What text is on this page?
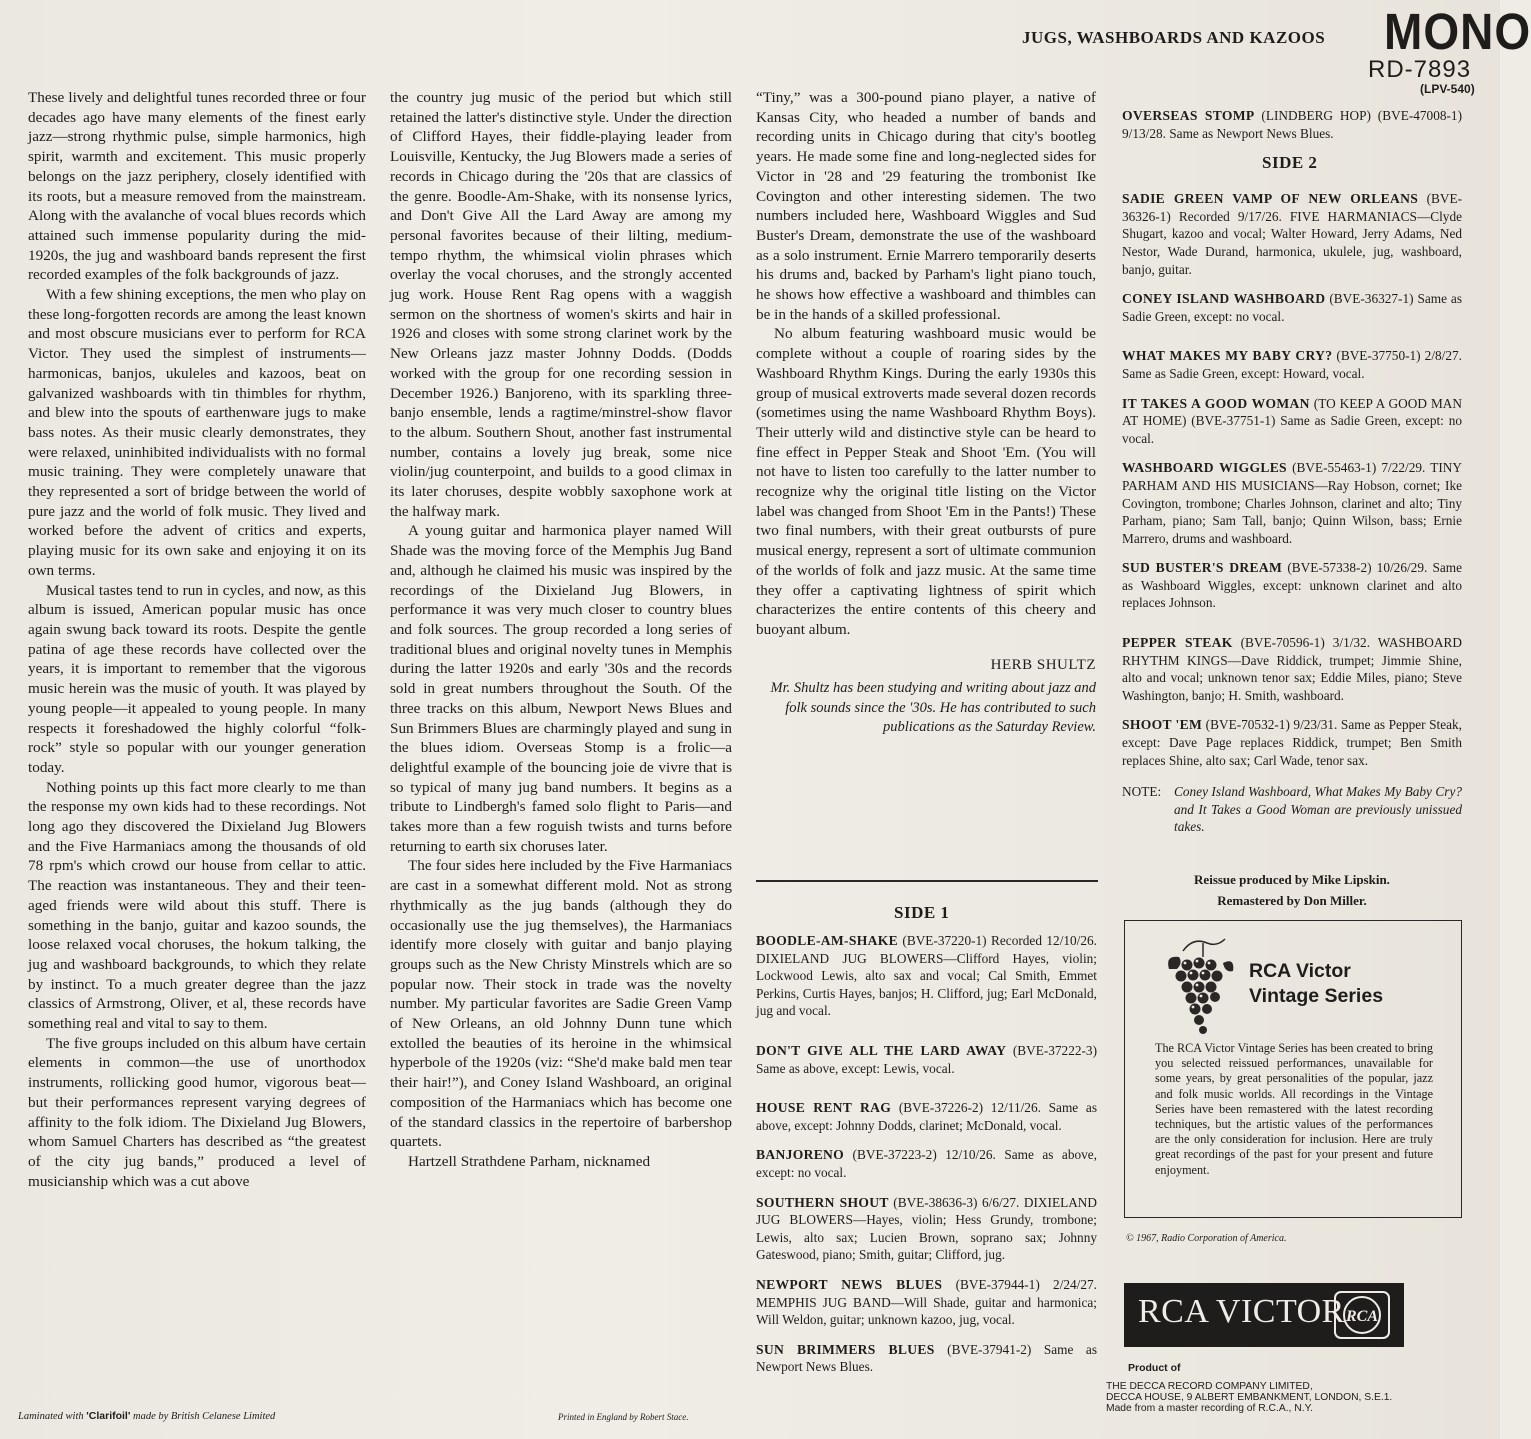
JUGS, WASHBOARDS AND KAZOOS MONO
RD-7893
(LPV-540)

These lively and delightful tunes recorded three or four decades ago have many elements of the finest early jazz—strong rhythmic pulse, simple harmonics, high spirit, warmth and excitement. This music properly belongs on the jazz periphery, closely identified with its roots, but a measure removed from the mainstream. Along with the avalanche of vocal blues records which attained such immense popularity during the mid-1920s, the jug and washboard bands represent the first recorded examples of the folk backgrounds of jazz.

With a few shining exceptions, the men who play on these long-forgotten records are among the least known and most obscure musicians ever to perform for RCA Victor. They used the simplest of instruments—harmonicas, banjos, ukuleles and kazoos, beat on galvanized washboards with tin thimbles for rhythm, and blew into the spouts of earthenware jugs to make bass notes. As their music clearly demonstrates, they were relaxed, uninhibited individualists with no formal music training. They were completely unaware that they represented a sort of bridge between the world of pure jazz and the world of folk music. They lived and worked before the advent of critics and experts, playing music for its own sake and enjoying it on its own terms.

Musical tastes tend to run in cycles, and now, as this album is issued, American popular music has once again swung back toward its roots. Despite the gentle patina of age these records have collected over the years, it is important to remember that the vigorous music herein was the music of youth. It was played by young people—it appealed to young people. In many respects it foreshadowed the highly colorful “folk-rock” style so popular with our younger generation today.

Nothing points up this fact more clearly to me than the response my own kids had to these recordings. Not long ago they discovered the Dixieland Jug Blowers and the Five Harmaniacs among the thousands of old 78 rpm's which crowd our house from cellar to attic. The reaction was instantaneous. They and their teen-aged friends were wild about this stuff. There is something in the banjo, guitar and kazoo sounds, the loose relaxed vocal choruses, the hokum talking, the jug and washboard backgrounds, to which they relate by instinct. To a much greater degree than the jazz classics of Armstrong, Oliver, et al, these records have something real and vital to say to them.

The five groups included on this album have certain elements in common—the use of unorthodox instruments, rollicking good humor, vigorous beat—but their performances represent varying degrees of affinity to the folk idiom. The Dixieland Jug Blowers, whom Samuel Charters has described as “the greatest of the city jug bands,” produced a level of musicianship which was a cut above

the country jug music of the period but which still retained the latter's distinctive style. Under the direction of Clifford Hayes, their fiddle-playing leader from Louisville, Kentucky, the Jug Blowers made a series of records in Chicago during the '20s that are classics of the genre. Boodle-Am-Shake, with its nonsense lyrics, and Don't Give All the Lard Away are among my personal favorites because of their lilting, medium-tempo rhythm, the whimsical violin phrases which overlay the vocal choruses, and the strongly accented jug work. House Rent Rag opens with a waggish sermon on the shortness of women's skirts and hair in 1926 and closes with some strong clarinet work by the New Orleans jazz master Johnny Dodds. (Dodds worked with the group for one recording session in December 1926.) Banjoreno, with its sparkling three-banjo ensemble, lends a ragtime/minstrel-show flavor to the album. Southern Shout, another fast instrumental number, contains a lovely jug break, some nice violin/jug counterpoint, and builds to a good climax in its later choruses, despite wobbly saxophone work at the halfway mark.

A young guitar and harmonica player named Will Shade was the moving force of the Memphis Jug Band and, although he claimed his music was inspired by the recordings of the Dixieland Jug Blowers, in performance it was very much closer to country blues and folk sources. The group recorded a long series of traditional blues and original novelty tunes in Memphis during the latter 1920s and early '30s and the records sold in great numbers throughout the South. Of the three tracks on this album, Newport News Blues and Sun Brimmers Blues are charmingly played and sung in the blues idiom. Overseas Stomp is a frolic—a delightful example of the bouncing joie de vivre that is so typical of many jug band numbers. It begins as a tribute to Lindbergh's famed solo flight to Paris—and takes more than a few roguish twists and turns before returning to earth six choruses later.

The four sides here included by the Five Harmaniacs are cast in a somewhat different mold. Not as strong rhythmically as the jug bands (although they do occasionally use the jug themselves), the Harmaniacs identify more closely with guitar and banjo playing groups such as the New Christy Minstrels which are so popular now. Their stock in trade was the novelty number. My particular favorites are Sadie Green Vamp of New Orleans, an old Johnny Dunn tune which extolled the beauties of its heroine in the whimsical hyperbole of the 1920s (viz: “She'd make bald men tear their hair!”), and Coney Island Washboard, an original composition of the Harmaniacs which has become one of the standard classics in the repertoire of barbershop quartets.

Hartzell Strathdene Parham, nicknamed

“Tiny,” was a 300-pound piano player, a native of Kansas City, who headed a number of bands and recording units in Chicago during that city's bootleg years. He made some fine and long-neglected sides for Victor in '28 and '29 featuring the trombonist Ike Covington and other interesting sidemen. The two numbers included here, Washboard Wiggles and Sud Buster's Dream, demonstrate the use of the washboard as a solo instrument. Ernie Marrero temporarily deserts his drums and, backed by Parham's light piano touch, he shows how effective a washboard and thimbles can be in the hands of a skilled professional.

No album featuring washboard music would be complete without a couple of roaring sides by the Washboard Rhythm Kings. During the early 1930s this group of musical extroverts made several dozen records (sometimes using the name Washboard Rhythm Boys). Their utterly wild and distinctive style can be heard to fine effect in Pepper Steak and Shoot 'Em. (You will not have to listen too carefully to the latter number to recognize why the original title listing on the Victor label was changed from Shoot 'Em in the Pants!) These two final numbers, with their great outbursts of pure musical energy, represent a sort of ultimate communion of the worlds of folk and jazz music. At the same time they offer a captivating lightness of spirit which characterizes the entire contents of this cheery and buoyant album.

HERB SHULTZ
Mr. Shultz has been studying and writing about jazz and folk sounds since the '30s. He has contributed to such publications as the Saturday Review.
SIDE 1
BOODLE-AM-SHAKE (BVE-37220-1) Recorded 12/10/26. DIXIELAND JUG BLOWERS—Clifford Hayes, violin; Lockwood Lewis, alto sax and vocal; Cal Smith, Emmet Perkins, Curtis Hayes, banjos; H. Clifford, jug; Earl McDonald, jug and vocal.
DON'T GIVE ALL THE LARD AWAY (BVE-37222-3) Same as above, except: Lewis, vocal.
HOUSE RENT RAG (BVE-37226-2) 12/11/26. Same as above, except: Johnny Dodds, clarinet; McDonald, vocal.
BANJORENO (BVE-37223-2) 12/10/26. Same as above, except: no vocal.
SOUTHERN SHOUT (BVE-38636-3) 6/6/27. DIXIELAND JUG BLOWERS—Hayes, violin; Hess Grundy, trombone; Lewis, alto sax; Lucien Brown, soprano sax; Johnny Gateswood, piano; Smith, guitar; Clifford, jug.
NEWPORT NEWS BLUES (BVE-37944-1) 2/24/27. MEMPHIS JUG BAND—Will Shade, guitar and harmonica; Will Weldon, guitar; unknown kazoo, jug, vocal.
SUN BRIMMERS BLUES (BVE-37941-2) Same as Newport News Blues.
OVERSEAS STOMP (LINDBERG HOP) (BVE-47008-1) 9/13/28. Same as Newport News Blues.
SADIE GREEN VAMP OF NEW ORLEANS (BVE-36326-1) Recorded 9/17/26. FIVE HARMANIACS—Clyde Shugart, kazoo and vocal; Walter Howard, Jerry Adams, Ned Nestor, Wade Durand, harmonica, ukulele, jug, washboard, banjo, guitar.
CONEY ISLAND WASHBOARD (BVE-36327-1) Same as Sadie Green, except: no vocal.
WHAT MAKES MY BABY CRY? (BVE-37750-1) 2/8/27. Same as Sadie Green, except: Howard, vocal.
IT TAKES A GOOD WOMAN (TO KEEP A GOOD MAN AT HOME) (BVE-37751-1) Same as Sadie Green, except: no vocal.
WASHBOARD WIGGLES (BVE-55463-1) 7/22/29. TINY PARHAM AND HIS MUSICIANS—Ray Hobson, cornet; Ike Covington, trombone; Charles Johnson, clarinet and alto; Tiny Parham, piano; Sam Tall, banjo; Quinn Wilson, bass; Ernie Marrero, drums and washboard.
SUD BUSTER'S DREAM (BVE-57338-2) 10/26/29. Same as Washboard Wiggles, except: unknown clarinet and alto replaces Johnson.
PEPPER STEAK (BVE-70596-1) 3/1/32. WASHBOARD RHYTHM KINGS—Dave Riddick, trumpet; Jimmie Shine, alto and vocal; unknown tenor sax; Eddie Miles, piano; Steve Washington, banjo; H. Smith, washboard.
SHOOT 'EM (BVE-70532-1) 9/23/31. Same as Pepper Steak, except: Dave Page replaces Riddick, trumpet; Ben Smith replaces Shine, alto sax; Carl Wade, tenor sax.
NOTE: Coney Island Washboard, What Makes My Baby Cry? and It Takes a Good Woman are previously unissued takes.
SIDE 2
Reissue produced by Mike Lipskin.
Remastered by Don Miller.
RCA Victor
Vintage Series
The RCA Victor Vintage Series has been created to bring you selected reissued performances, unavailable for some years, by great personalities of the popular, jazz and folk music worlds. All recordings in the Vintage Series have been remastered with the latest recording techniques, but the artistic values of the performances are the only consideration for inclusion. Here are truly great recordings of the past for your present and future enjoyment.
© 1967, Radio Corporation of America.
RCA VICTOR RCA
Product of
THE DECCA RECORD COMPANY LIMITED,
DECCA HOUSE, 9 ALBERT EMBANKMENT, LONDON, S.E.1.
Made from a master recording of R.C.A., N.Y.
Laminated with 'Clarifoil' made by British Celanese Limited	Printed in England by Robert Stace.
